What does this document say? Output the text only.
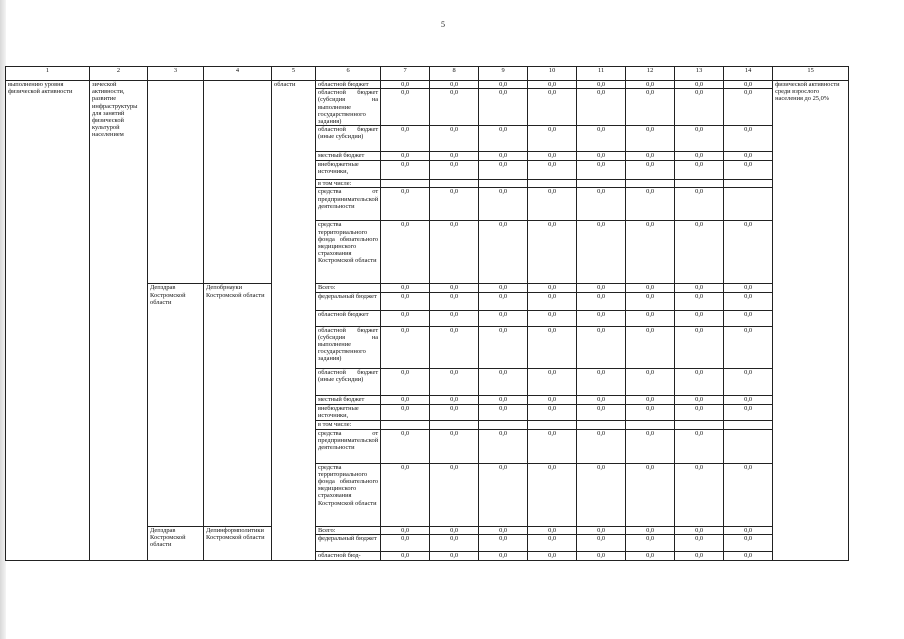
5
1	2	3	4	5	6	7	8	9	10	11	12	13	14	15
выполнению уровня физической активности	зической активности, развитие инфраструктуры для занятий физической культурой населением			области	областной бюджет	0,0	0,0	0,0	0,0	0,0	0,0	0,0	0,0	физической активности среди взрослого населения до 25,0%
					областной бюджет (субсидия на выполнение государственного задания)	0,0	0,0	0,0	0,0	0,0	0,0	0,0	0,0	
					областной бюджет (иные субсидии)	0,0	0,0	0,0	0,0	0,0	0,0	0,0	0,0	
					местный бюджет	0,0	0,0	0,0	0,0	0,0	0,0	0,0	0,0	
					внебюджетные источники,	0,0	0,0	0,0	0,0	0,0	0,0	0,0	0,0	
					в том числе:									
					средства от предпринимательской деятельности	0,0	0,0	0,0	0,0	0,0	0,0	0,0		
					средства территориального фонда обязательного медицинского страхования Костромской области	0,0	0,0	0,0	0,0	0,0	0,0	0,0	0,0	
		Депздрав Костромской области	Депобрнауки Костромской области		Всего:	0,0	0,0	0,0	0,0	0,0	0,0	0,0	0,0	
					федеральный бюджет	0,0	0,0	0,0	0,0	0,0	0,0	0,0	0,0	
					областной бюджет	0,0	0,0	0,0	0,0	0,0	0,0	0,0	0,0	
					областной бюджет (субсидия на выполнение государственного задания)	0,0	0,0	0,0	0,0	0,0	0,0	0,0	0,0	
					областной бюджет (иные субсидии)	0,0	0,0	0,0	0,0	0,0	0,0	0,0	0,0	
					местный бюджет	0,0	0,0	0,0	0,0	0,0	0,0	0,0	0,0	
					внебюджетные источники,	0,0	0,0	0,0	0,0	0,0	0,0	0,0	0,0	
					в том числе:									
					средства от предпринимательской деятельности	0,0	0,0	0,0	0,0	0,0	0,0	0,0		
					средства территориального фонда обязательного медицинского страхования Костромской области	0,0	0,0	0,0	0,0	0,0	0,0	0,0	0,0	
		Депздрав Костромской области	Депинформполитики Костромской области		Всего:	0,0	0,0	0,0	0,0	0,0	0,0	0,0	0,0	
					федеральный бюджет	0,0	0,0	0,0	0,0	0,0	0,0	0,0	0,0	
					областной бюд-	0,0	0,0	0,0	0,0	0,0	0,0	0,0	0,0	
